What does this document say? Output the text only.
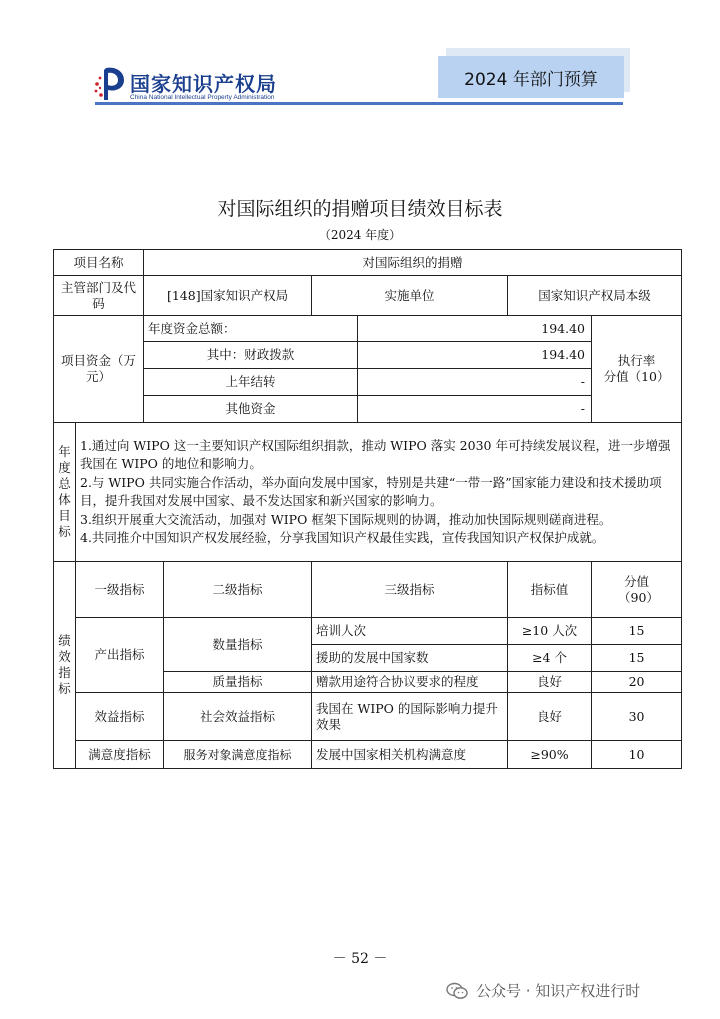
国家知识产权局
China National Intellectual Property Administration
2024 年部门预算
对国际组织的捐赠项目绩效目标表
（2024 年度）
项目名称		对国际组织的捐赠					
主管部门及代码		[148]国家知识产权局		实施单位		国家知识产权局本级	
项目资金（万元）		年度资金总额：			194.40		执行率
分值（10）

		其中：财政拨款			194.40		
		上年结转			-		
		其他资金			-		
年度总体目标	1.通过向 WIPO 这一主要知识产权国际组织捐款，推动 WIPO 落实 2030 年可持续发展议程，进一步增强我国在 WIPO 的地位和影响力。
2.与 WIPO 共同实施合作活动，举办面向发展中国家，特别是共建“一带一路”国家能力建设和技术援助项目，提升我国对发展中国家、最不发达国家和新兴国家的影响力。
3.组织开展重大交流活动，加强对 WIPO 框架下国际规则的协调，推动加快国际规则磋商进程。
4.共同推介中国知识产权发展经验，分享我国知识产权最佳实践，宣传我国知识产权保护成就。						

绩效指标	一级指标		二级指标	三级指标		指标值	分值（90）
	产出指标		数量指标	培训人次		≥10 人次	15
				援助的发展中国家数		≥4 个	15
			质量指标	赠款用途符合协议要求的程度		良好	20
	效益指标		社会效益指标	我国在 WIPO 的国际影响力提升效果		良好	30
	满意度指标		服务对象满意度指标	发展中国家相关机构满意度		≥90%	10
－ 52 －
公众号 · 知识产权进行时
